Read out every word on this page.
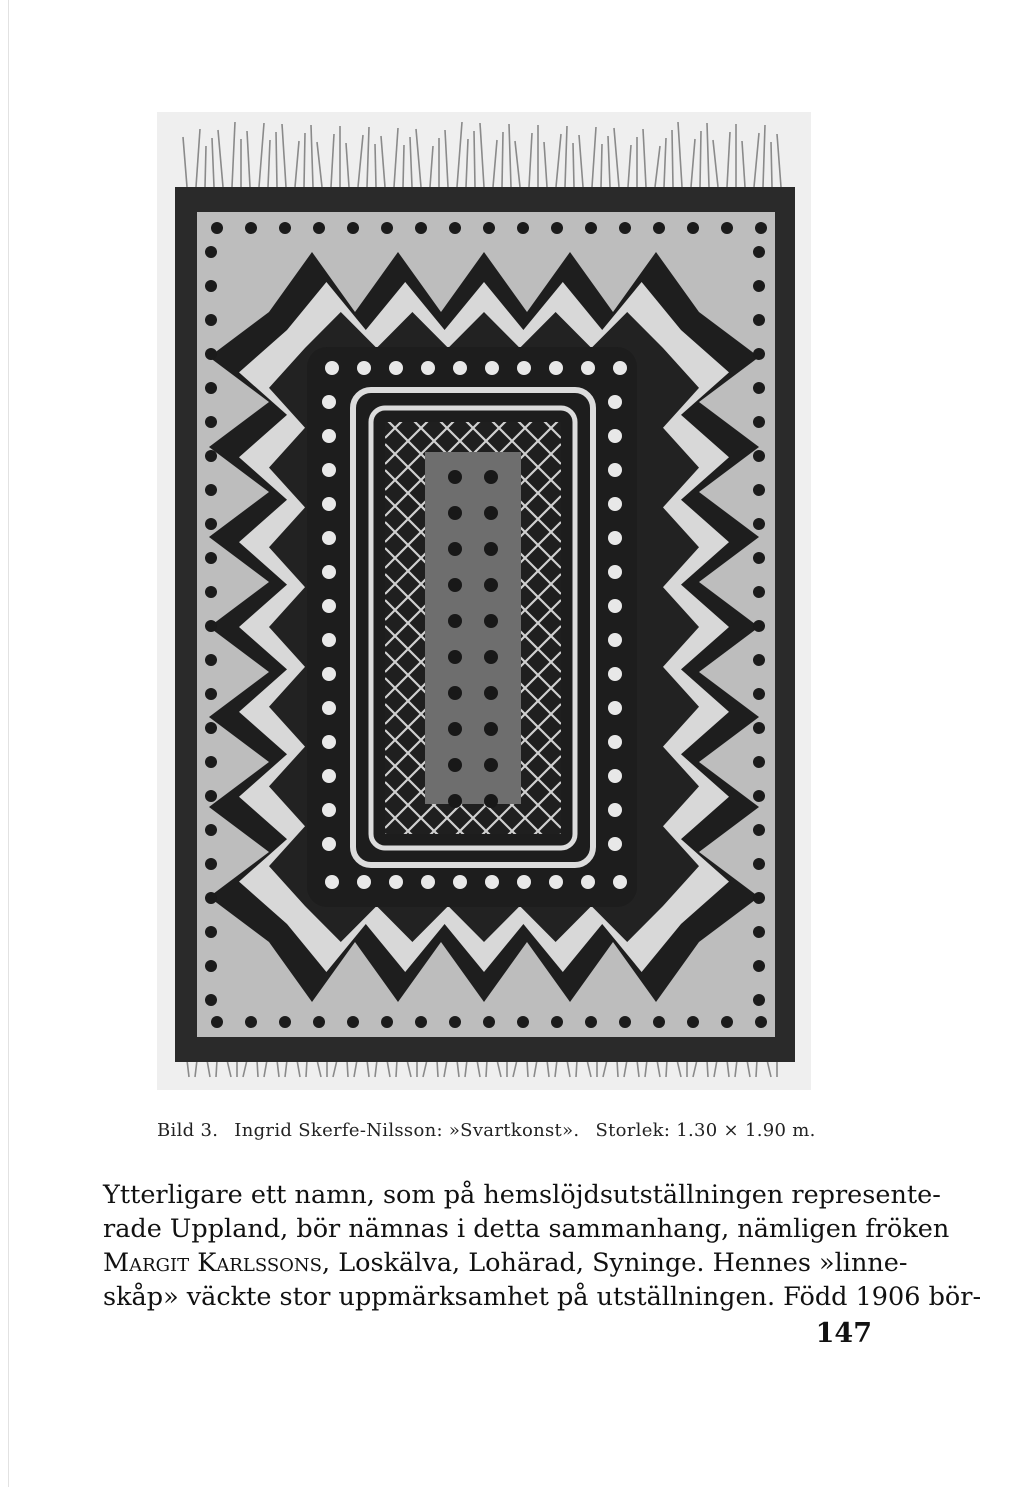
Bild 3. Ingrid Skerfe-Nilsson: »Svartkonst». Storlek: 1.30 × 1.90 m.
Ytterligare ett namn, som på hemslöjdsutställningen represente-
rade Uppland, bör nämnas i detta sammanhang, nämligen fröken
Margit Karlssons, Loskälva, Lohärad, Syninge. Hennes »linne-
skåp» väckte stor uppmärksamhet på utställningen. Född 1906 bör-
147
